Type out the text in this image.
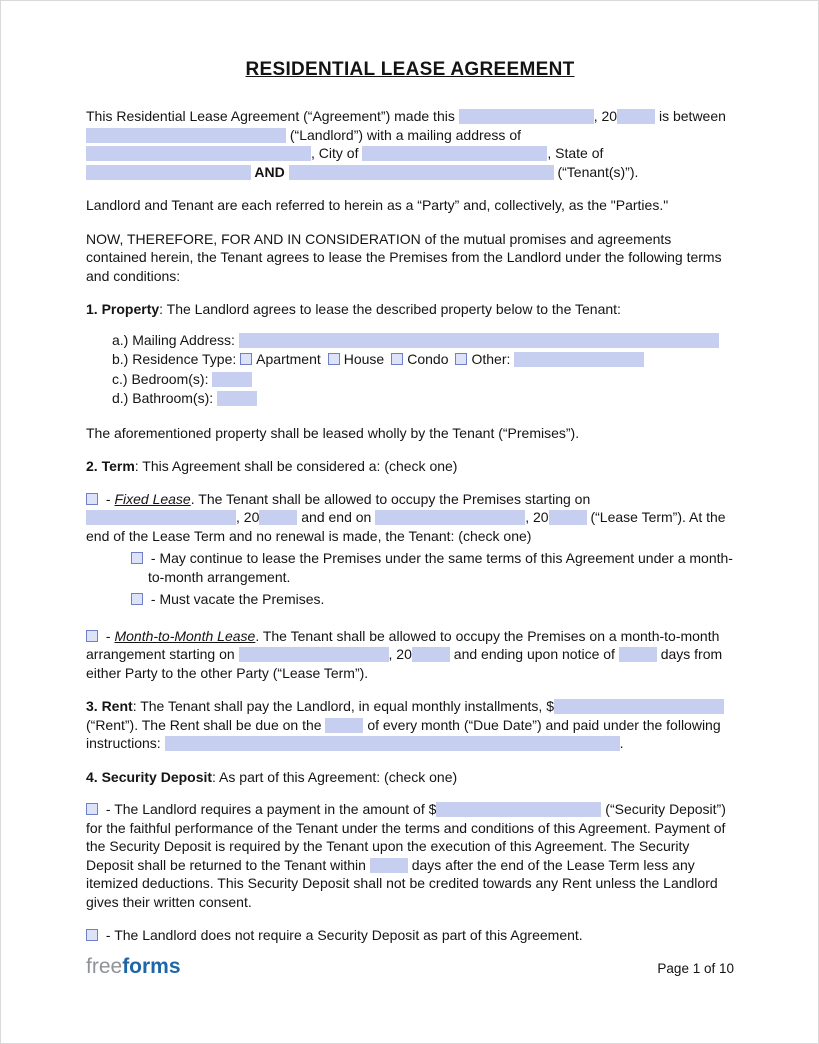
RESIDENTIAL LEASE AGREEMENT

This Residential Lease Agreement (“Agreement”) made this	, 20	is between  (“Landlord”) with a mailing address of , City of	, State of  AND	(“Tenant(s)”).

Landlord and Tenant are each referred to herein as a “Party” and, collectively, as the "Parties."

NOW, THEREFORE, FOR AND IN CONSIDERATION of the mutual promises and agreements contained herein, the Tenant agrees to lease the Premises from the Landlord under the following terms and conditions:

1. Property: The Landlord agrees to lease the described property below to the Tenant:

a.) Mailing Address:

b.) Residence Type: Apartment House Condo Other:

c.) Bedroom(s):

d.) Bathroom(s):

The aforementioned property shall be leased wholly by the Tenant (“Premises”).

2. Term: This Agreement shall be considered a: (check one)

- Fixed Lease. The Tenant shall be allowed to occupy the Premises starting on , 20	and end on	, 20	(“Lease Term”). At the end of the Lease Term and no renewal is made, the Tenant: (check one)

- May continue to lease the Premises under the same terms of this Agreement under a month-to-month arrangement.

- Must vacate the Premises.

- Month-to-Month Lease. The Tenant shall be allowed to occupy the Premises on a month-to-month arrangement starting on	, 20	and ending upon notice of	days from either Party to the other Party (“Lease Term”).

3. Rent: The Tenant shall pay the Landlord, in equal monthly installments, $ (“Rent”). The Rent shall be due on the	of every month (“Due Date”) and paid under the following instructions:	.

4. Security Deposit: As part of this Agreement: (check one)

- The Landlord requires a payment in the amount of $	(“Security Deposit”) for the faithful performance of the Tenant under the terms and conditions of this Agreement. Payment of the Security Deposit is required by the Tenant upon the execution of this Agreement. The Security Deposit shall be returned to the Tenant within	days after the end of the Lease Term less any itemized deductions. This Security Deposit shall not be credited towards any Rent unless the Landlord gives their written consent.

- The Landlord does not require a Security Deposit as part of this Agreement.

freeforms	Page 1 of 10
